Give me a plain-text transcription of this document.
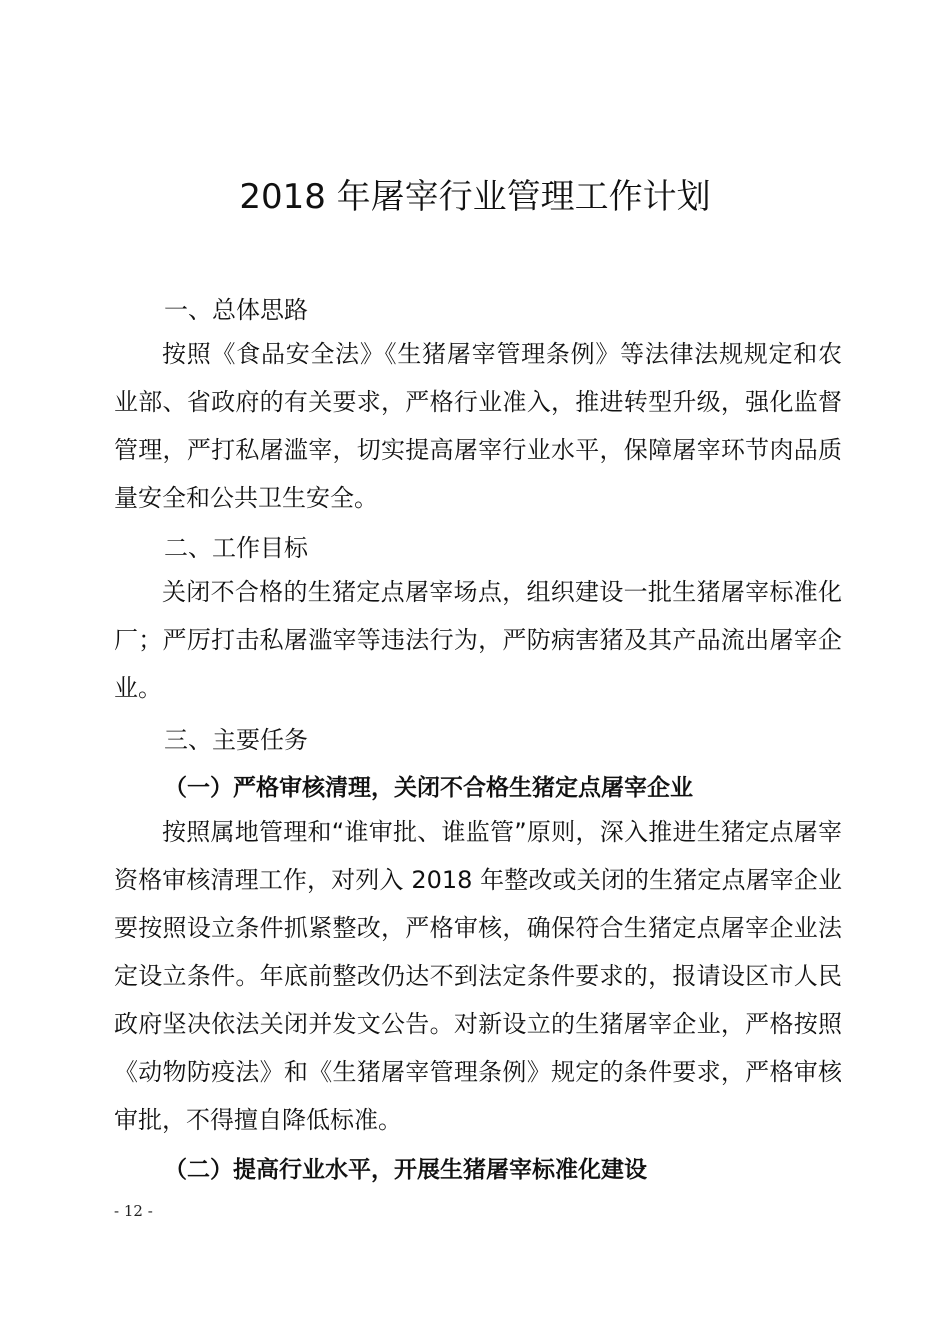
2018 年屠宰行业管理工作计划
一、总体思路
按照《食品安全法》《生猪屠宰管理条例》等法律法规规定和农业部、省政府的有关要求，严格行业准入，推进转型升级，强化监督管理，严打私屠滥宰，切实提高屠宰行业水平，保障屠宰环节肉品质量安全和公共卫生安全。
二、工作目标
关闭不合格的生猪定点屠宰场点，组织建设一批生猪屠宰标准化厂；严厉打击私屠滥宰等违法行为，严防病害猪及其产品流出屠宰企业。
三、主要任务
（一）严格审核清理，关闭不合格生猪定点屠宰企业
按照属地管理和“谁审批、谁监管”原则，深入推进生猪定点屠宰资格审核清理工作，对列入 2018 年整改或关闭的生猪定点屠宰企业要按照设立条件抓紧整改，严格审核，确保符合生猪定点屠宰企业法定设立条件。年底前整改仍达不到法定条件要求的，报请设区市人民政府坚决依法关闭并发文公告。对新设立的生猪屠宰企业，严格按照《动物防疫法》和《生猪屠宰管理条例》规定的条件要求，严格审核审批，不得擅自降低标准。
（二）提高行业水平，开展生猪屠宰标准化建设
- 12 -
